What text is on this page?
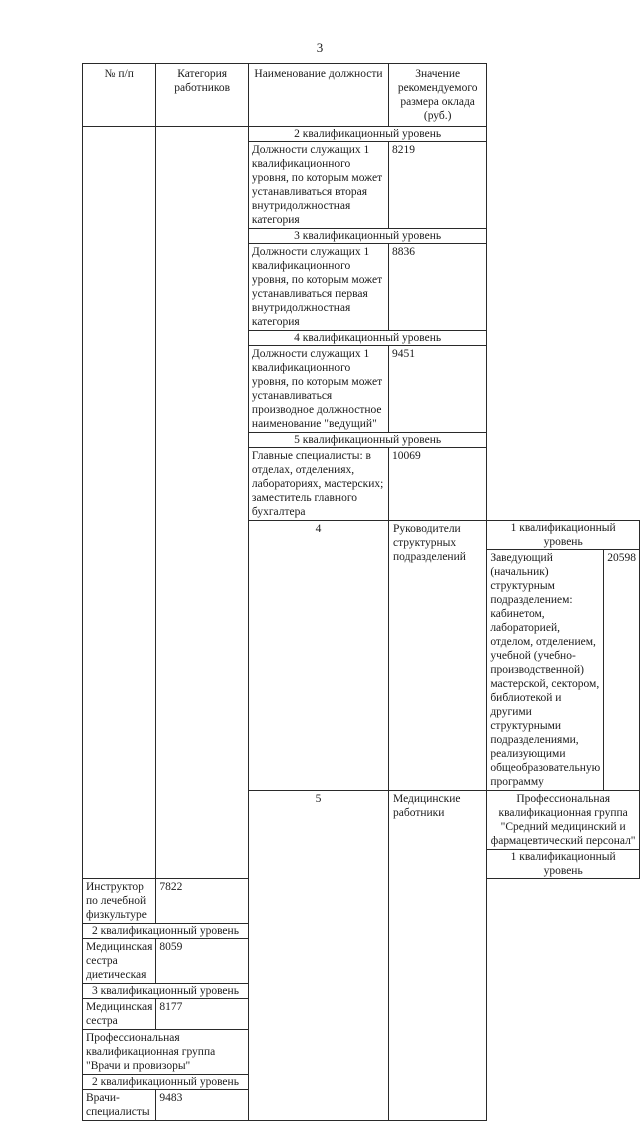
3
№ п/п	Категория работников	Наименование должности	Значение рекомендуемого размера оклада (руб.)		
		2 квалификационный уровень			
		Должности служащих 1 квалификационного уровня, по которым может устанавливаться вторая внутридолжностная категория	8219		
		3 квалификационный уровень			
		Должности служащих 1 квалификационного уровня, по которым может устанавливаться первая внутридолжностная категория	8836		
		4 квалификационный уровень			
		Должности служащих 1 квалификационного уровня, по которым может устанавливаться производное должностное наименование "ведущий"	9451		
		5 квалификационный уровень			
		Главные специалисты: в отделах, отделениях, лабораториях, мастерских; заместитель главного бухгалтера	10069		
		4	Руководители структурных подразделений	1 квалификационный уровень	
				Заведующий (начальник) структурным подразделением: кабинетом, лабораторией, отделом, отделением, учебной (учебно-производственной) мастерской, сектором, библиотекой и другими структурными подразделениями, реализующими общеобразовательную программу	20598
		5	Медицинские работники	Профессиональная квалификационная группа "Средний медицинский и фармацевтический персонал"	
				1 квалификационный уровень	
Инструктор по лечебной физкультуре	7822				
2 квалификационный уровень					
Медицинская сестра диетическая	8059				
3 квалификационный уровень					
Медицинская сестра	8177				
Профессиональная квалификационная группа "Врачи и провизоры"					
2 квалификационный уровень					
Врачи-специалисты	9483				
